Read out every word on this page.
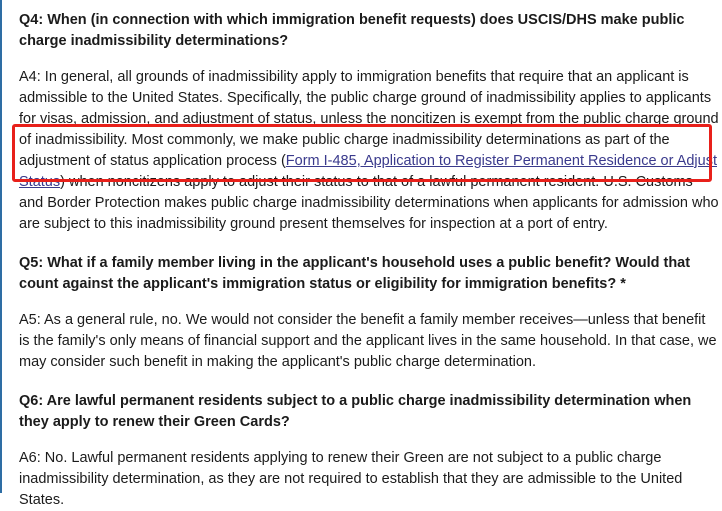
Q4: When (in connection with which immigration benefit requests) does USCIS/DHS make public charge inadmissibility determinations?

A4: In general, all grounds of inadmissibility apply to immigration benefits that require that an applicant is admissible to the United States. Specifically, the public charge ground of inadmissibility applies to applicants for visas, admission, and adjustment of status, unless the noncitizen is exempt from the public charge ground of inadmissibility. Most commonly, we make public charge inadmissibility determinations as part of the adjustment of status application process (Form I-485, Application to Register Permanent Residence or Adjust Status) when noncitizens apply to adjust their status to that of a lawful permanent resident. U.S. Customs and Border Protection makes public charge inadmissibility determinations when applicants for admission who are subject to this inadmissibility ground present themselves for inspection at a port of entry.

Q5: What if a family member living in the applicant's household uses a public benefit? Would that count against the applicant's immigration status or eligibility for immigration benefits? *

A5: As a general rule, no. We would not consider the benefit a family member receives—unless that benefit is the family's only means of financial support and the applicant lives in the same household. In that case, we may consider such benefit in making the applicant's public charge determination.

Q6: Are lawful permanent residents subject to a public charge inadmissibility determination when they apply to renew their Green Cards?

A6: No. Lawful permanent residents applying to renew their Green are not subject to a public charge inadmissibility determination, as they are not required to establish that they are admissible to the United States.
